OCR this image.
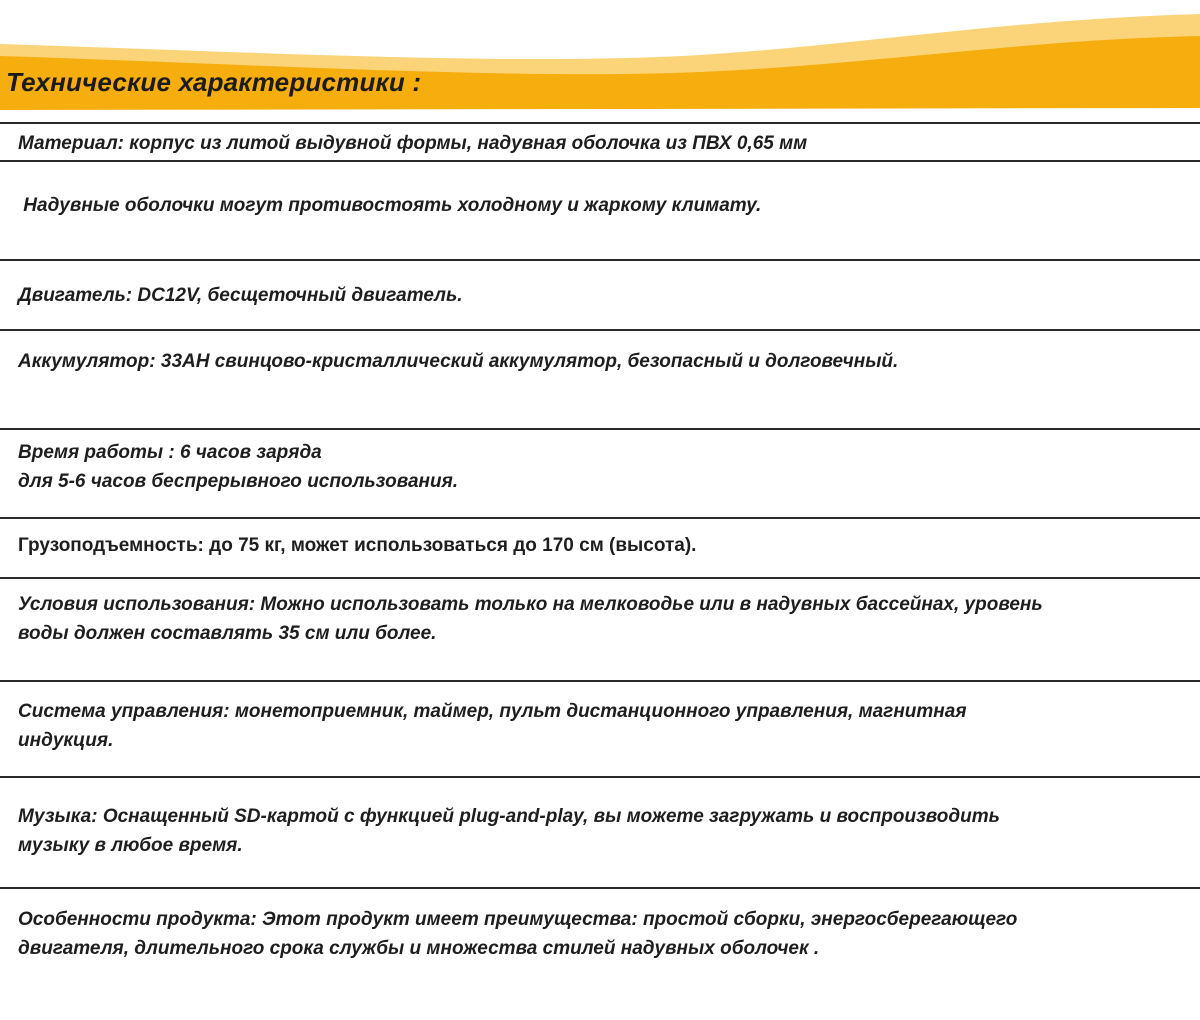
Технические характеристики :
Материал: корпус из литой выдувной формы, надувная оболочка из ПВХ 0,65 мм
Надувные оболочки могут противостоять холодному и жаркому климату.
Двигатель: DC12V, бесщеточный двигатель.
Аккумулятор: 33AH свинцово-кристаллический аккумулятор, безопасный и долговечный.
Время работы : 6 часов заряда
для 5-6 часов беспрерывного использования.
Грузоподъемность: до 75 кг, может использоваться до 170 см (высота).
Условия использования: Можно использовать только на мелководье или в надувных бассейнах, уровень
воды должен составлять 35 см или более.
Система управления: монетоприемник, таймер, пульт дистанционного управления, магнитная
индукция.
Музыка: Оснащенный SD-картой с функцией plug-and-play, вы можете загружать и воспроизводить
музыку в любое время.
Особенности продукта: Этот продукт имеет преимущества: простой сборки, энергосберегающего
двигателя, длительного срока службы и множества стилей надувных оболочек .
